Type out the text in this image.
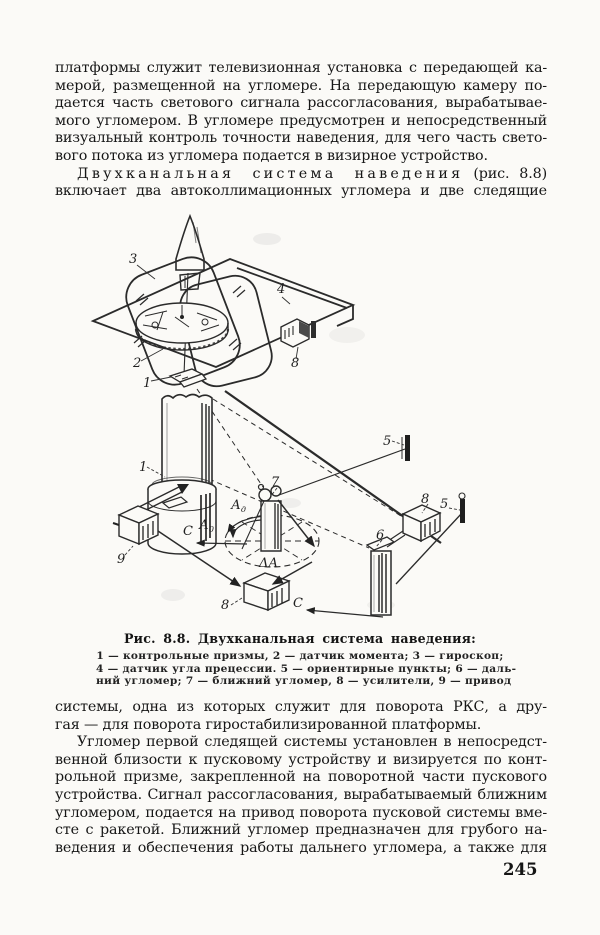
платформы служит телевизионная установка с передающей ка-
мерой, размещенной на угломере. На передающую камеру по-
дается часть светового сигнала рассогласования, вырабатывае-
мого угломером. В угломере предусмотрен и непосредственный
визуальный контроль точности наведения, для чего часть свето-
вого потока из угломера подается в визирное устройство.
Двухканальная система наведения (рис. 8.8)
включает два автоколлимационных угломера и две следящие
3
4
2
1
8
1
5
7
8 5
6
9
8
$А_д$
$А_0$
С
ΔА
С
Рис. 8.8. Двухканальная система наведения:
1 — контрольные призмы, 2 — датчик момента; 3 — гироскоп;
4 — датчик угла прецессии. 5 — ориентирные пункты; 6 — даль-
ний угломер; 7 — ближний угломер, 8 — усилители, 9 — привод
системы, одна из которых служит для поворота РКС, а дру-
гая — для поворота гиростабилизированной платформы.
Угломер первой следящей системы установлен в непосредст-
венной близости к пусковому устройству и визируется по конт-
рольной призме, закрепленной на поворотной части пускового
устройства. Сигнал рассогласования, вырабатываемый ближним
угломером, подается на привод поворота пусковой системы вме-
сте с ракетой. Ближний угломер предназначен для грубого на-
ведения и обеспечения работы дальнего угломера, а также для
245
